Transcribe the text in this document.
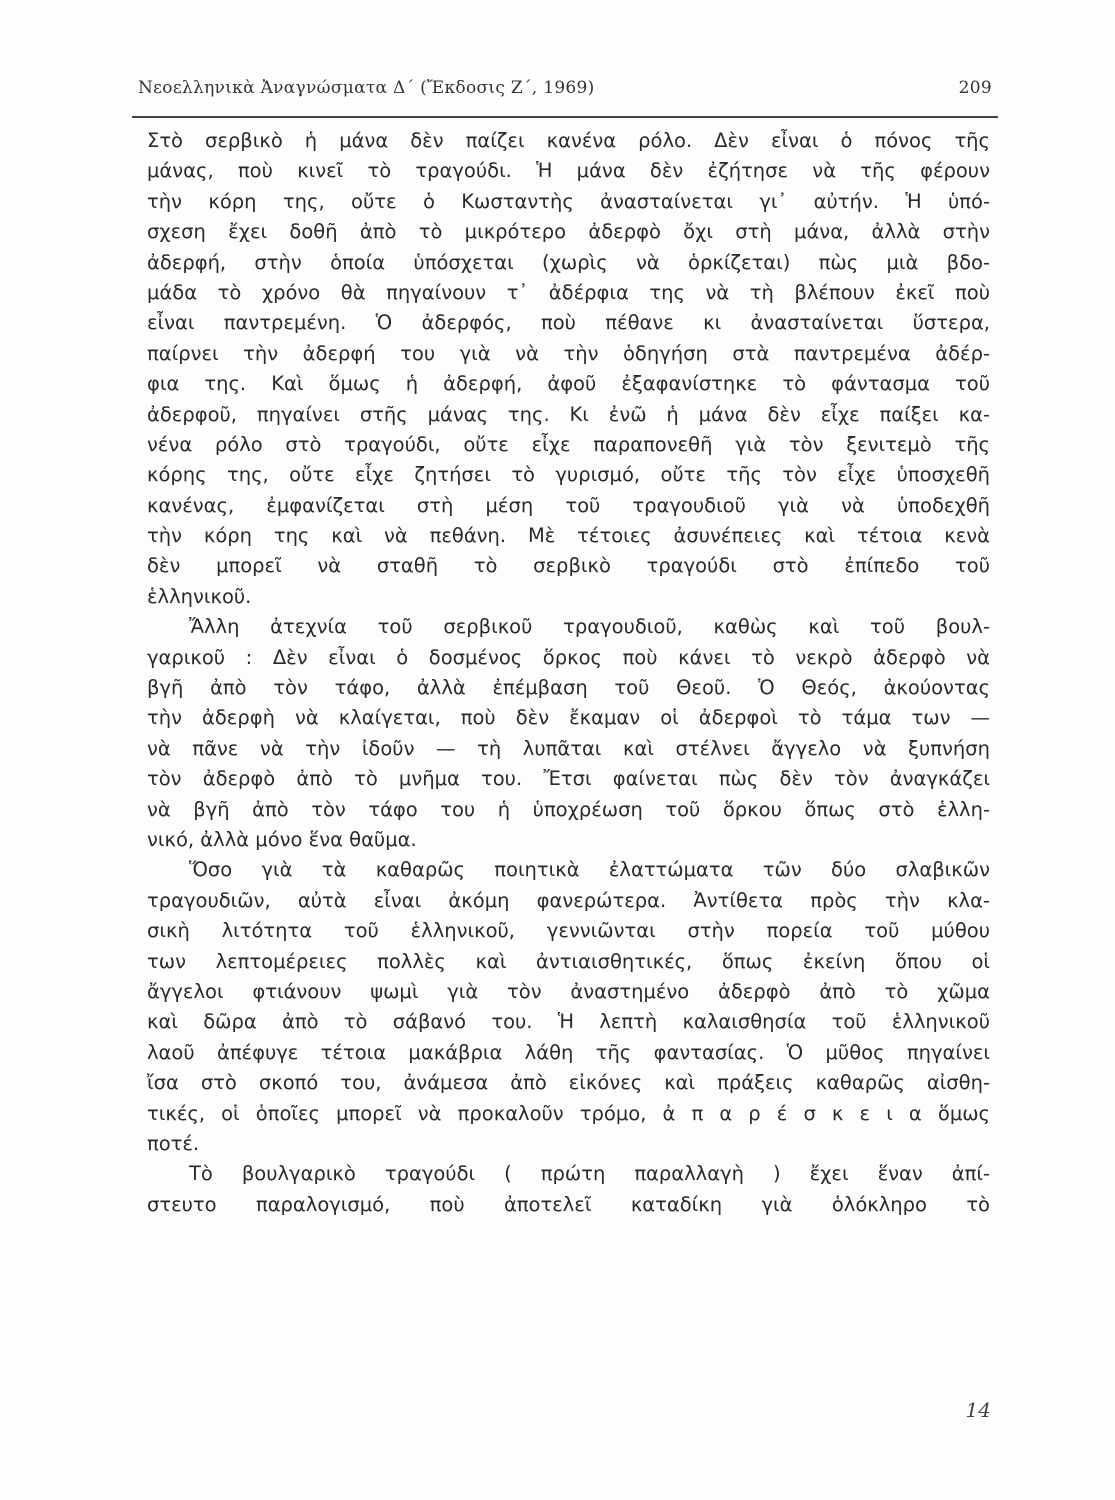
Νεοελληνικὰ Ἀναγνώσματα Δ΄ (Ἔκδοσις Ζ΄, 1969)	209
Στὸ σερβικὸ ἡ μάνα δὲν παίζει κανένα ρόλο. Δὲν εἶναι ὁ πόνος τῆς
μάνας, ποὺ κινεῖ τὸ τραγούδι. Ἡ μάνα δὲν ἐζήτησε νὰ τῆς φέρουν
τὴν κόρη της, οὔτε ὁ Κωσταντὴς ἀνασταίνεται γι᾿ αὐτήν. Ἡ ὑπό-
σχεση ἔχει δοθῆ ἀπὸ τὸ μικρότερο ἀδερφὸ ὄχι στὴ μάνα, ἀλλὰ στὴν
ἀδερφή, στὴν ὁποία ὑπόσχεται (χωρὶς νὰ ὁρκίζεται) πὼς μιὰ βδο-
μάδα τὸ χρόνο θὰ πηγαίνουν τ᾿ ἀδέρφια της νὰ τὴ βλέπουν ἐκεῖ ποὺ
εἶναι παντρεμένη. Ὁ ἀδερφός, ποὺ πέθανε κι ἀνασταίνεται ὕστερα,
παίρνει τὴν ἀδερφή του γιὰ νὰ τὴν ὁδηγήση στὰ παντρεμένα ἀδέρ-
φια της. Καὶ ὅμως ἡ ἀδερφή, ἀφοῦ ἐξαφανίστηκε τὸ φάντασμα τοῦ
ἀδερφοῦ, πηγαίνει στῆς μάνας της. Κι ἐνῶ ἡ μάνα δὲν εἶχε παίξει κα-
νένα ρόλο στὸ τραγούδι, οὔτε εἶχε παραπονεθῆ γιὰ τὸν ξενιτεμὸ τῆς
κόρης της, οὔτε εἶχε ζητήσει τὸ γυρισμό, οὔτε τῆς τὸν εἶχε ὑποσχεθῆ
κανένας, ἐμφανίζεται στὴ μέση τοῦ τραγουδιοῦ γιὰ νὰ ὑποδεχθῆ
τὴν κόρη της καὶ νὰ πεθάνη. Μὲ τέτοιες ἀσυνέπειες καὶ τέτοια κενὰ
δὲν μπορεῖ νὰ σταθῆ τὸ σερβικὸ τραγούδι στὸ ἐπίπεδο τοῦ
ἑλληνικοῦ.
Ἄλλη ἀτεχνία τοῦ σερβικοῦ τραγουδιοῦ, καθὼς καὶ τοῦ βουλ-
γαρικοῦ : Δὲν εἶναι ὁ δοσμένος ὅρκος ποὺ κάνει τὸ νεκρὸ ἀδερφὸ νὰ
βγῆ ἀπὸ τὸν τάφο, ἀλλὰ ἐπέμβαση τοῦ Θεοῦ. Ὁ Θεός, ἀκούοντας
τὴν ἀδερφὴ νὰ κλαίγεται, ποὺ δὲν ἔκαμαν οἱ ἀδερφοὶ τὸ τάμα των —
νὰ πᾶνε νὰ τὴν ἰδοῦν — τὴ λυπᾶται καὶ στέλνει ἄγγελο νὰ ξυπνήση
τὸν ἀδερφὸ ἀπὸ τὸ μνῆμα του. Ἔτσι φαίνεται πὼς δὲν τὸν ἀναγκάζει
νὰ βγῆ ἀπὸ τὸν τάφο του ἡ ὑποχρέωση τοῦ ὅρκου ὅπως στὸ ἑλλη-
νικό, ἀλλὰ μόνο ἕνα θαῦμα.
Ὅσο γιὰ τὰ καθαρῶς ποιητικὰ ἐλαττώματα τῶν δύο σλαβικῶν
τραγουδιῶν, αὐτὰ εἶναι ἀκόμη φανερώτερα. Ἀντίθετα πρὸς τὴν κλα-
σικὴ λιτότητα τοῦ ἑλληνικοῦ, γεννιῶνται στὴν πορεία τοῦ μύθου
των λεπτομέρειες πολλὲς καὶ ἀντιαισθητικές, ὅπως ἐκείνη ὅπου οἱ
ἄγγελοι φτιάνουν ψωμὶ γιὰ τὸν ἀναστημένο ἀδερφὸ ἀπὸ τὸ χῶμα
καὶ δῶρα ἀπὸ τὸ σάβανό του. Ἡ λεπτὴ καλαισθησία τοῦ ἑλληνικοῦ
λαοῦ ἀπέφυγε τέτοια μακάβρια λάθη τῆς φαντασίας. Ὁ μῦθος πηγαίνει
ἴσα στὸ σκοπό του, ἀνάμεσα ἀπὸ εἰκόνες καὶ πράξεις καθαρῶς αἰσθη-
τικές, οἱ ὁποῖες μπορεῖ νὰ προκαλοῦν τρόμο, ἀ π α ρ έ σ κ ε ι α ὅμως
ποτέ.
Τὸ βουλγαρικὸ τραγούδι ( πρώτη παραλλαγὴ ) ἔχει ἕναν ἀπί-
στευτο παραλογισμό, ποὺ ἀποτελεῖ καταδίκη γιὰ ὁλόκληρο τὸ
14
